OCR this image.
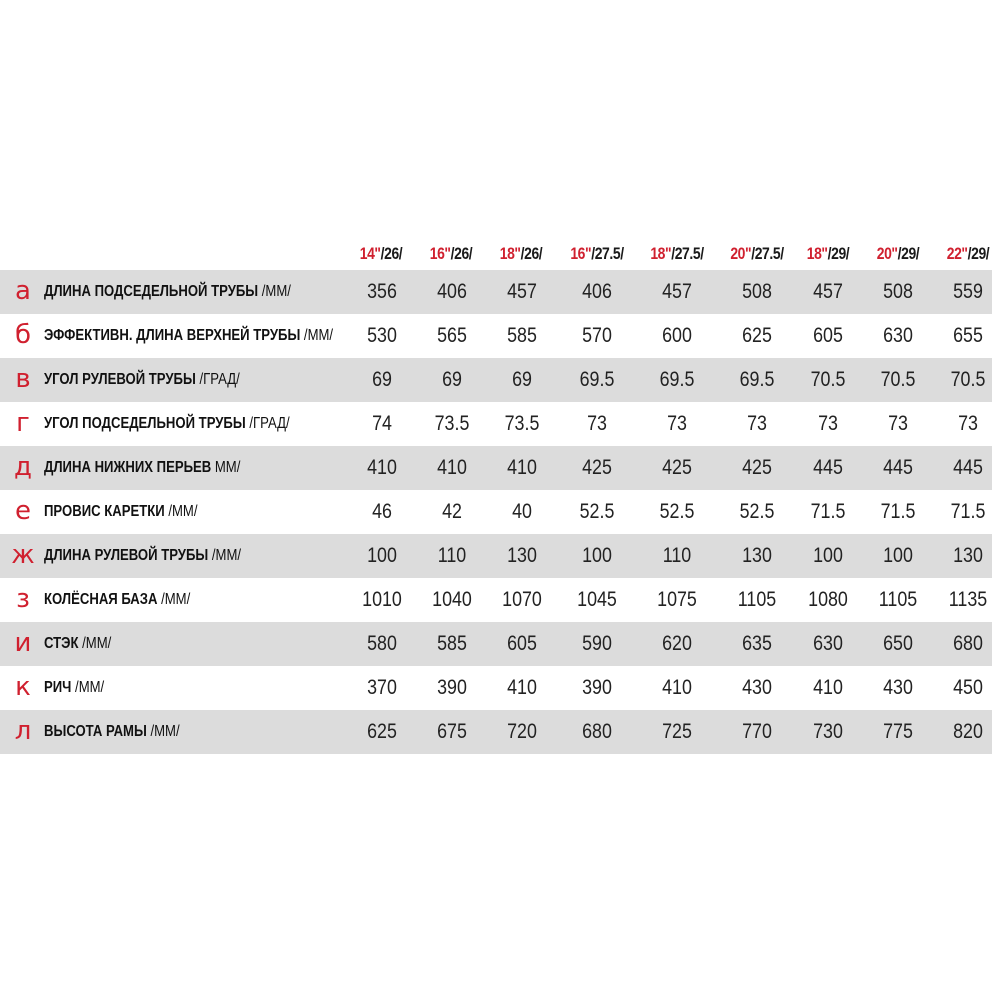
14"/26/	16"/26/	18"/26/	16"/27.5/	18"/27.5/	20"/27.5/	18"/29/	20"/29/	22"/29/
а ДЛИНА ПОДСЕДЕЛЬНОЙ ТРУБЫ /ММ/	356	406	457	406	457	508	457	508	559
б ЭФФЕКТИВН. ДЛИНА ВЕРХНЕЙ ТРУБЫ /ММ/	530	565	585	570	600	625	605	630	655
в УГОЛ РУЛЕВОЙ ТРУБЫ /ГРАД/	69	69	69	69.5	69.5	69.5	70.5	70.5	70.5
г УГОЛ ПОДСЕДЕЛЬНОЙ ТРУБЫ /ГРАД/	74	73.5	73.5	73	73	73	73	73	73
д ДЛИНА НИЖНИХ ПЕРЬЕВ ММ/	410	410	410	425	425	425	445	445	445
е ПРОВИС КАРЕТКИ /ММ/	46	42	40	52.5	52.5	52.5	71.5	71.5	71.5
ж ДЛИНА РУЛЕВОЙ ТРУБЫ /ММ/	100	110	130	100	110	130	100	100	130
з КОЛЁСНАЯ БАЗА /ММ/	1010	1040	1070	1045	1075	1105	1080	1105	1135
и СТЭК /ММ/	580	585	605	590	620	635	630	650	680
к РИЧ /ММ/	370	390	410	390	410	430	410	430	450
л ВЫСОТА РАМЫ /ММ/	625	675	720	680	725	770	730	775	820
